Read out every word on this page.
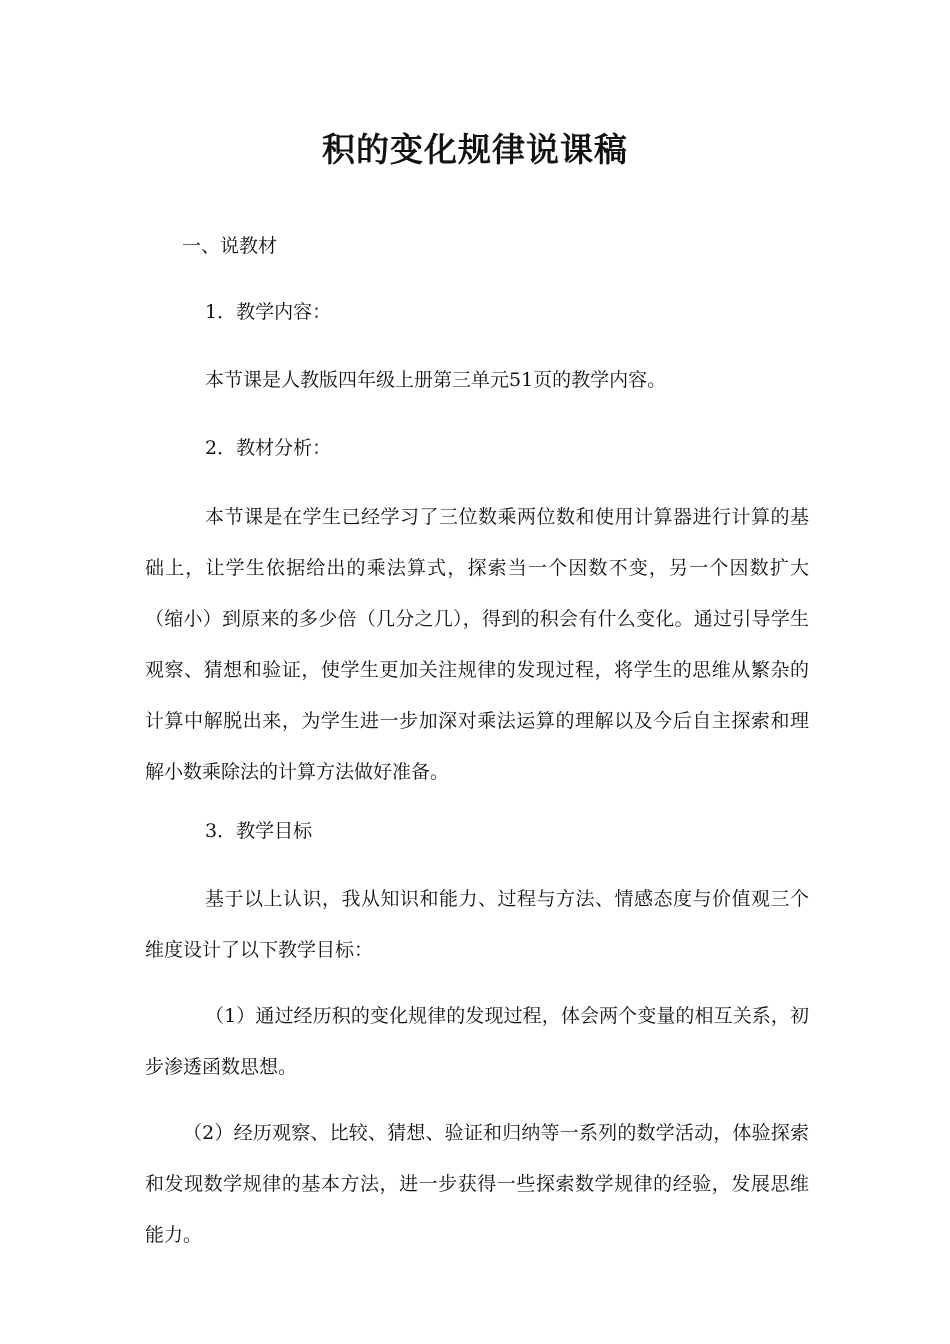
积的变化规律说课稿
一、说教材
1．教学内容：
本节课是人教版四年级上册第三单元51页的教学内容。
2．教材分析：
本节课是在学生已经学习了三位数乘两位数和使用计算器进行计算的基础上，让学生依据给出的乘法算式，探索当一个因数不变，另一个因数扩大（缩小）到原来的多少倍（几分之几），得到的积会有什么变化。通过引导学生观察、猜想和验证，使学生更加关注规律的发现过程，将学生的思维从繁杂的计算中解脱出来，为学生进一步加深对乘法运算的理解以及今后自主探索和理解小数乘除法的计算方法做好准备。
3．教学目标
基于以上认识，我从知识和能力、过程与方法、情感态度与价值观三个维度设计了以下教学目标：
（1）通过经历积的变化规律的发现过程，体会两个变量的相互关系，初步渗透函数思想。
（2）经历观察、比较、猜想、验证和归纳等一系列的数学活动，体验探索和发现数学规律的基本方法，进一步获得一些探索数学规律的经验，发展思维能力。
